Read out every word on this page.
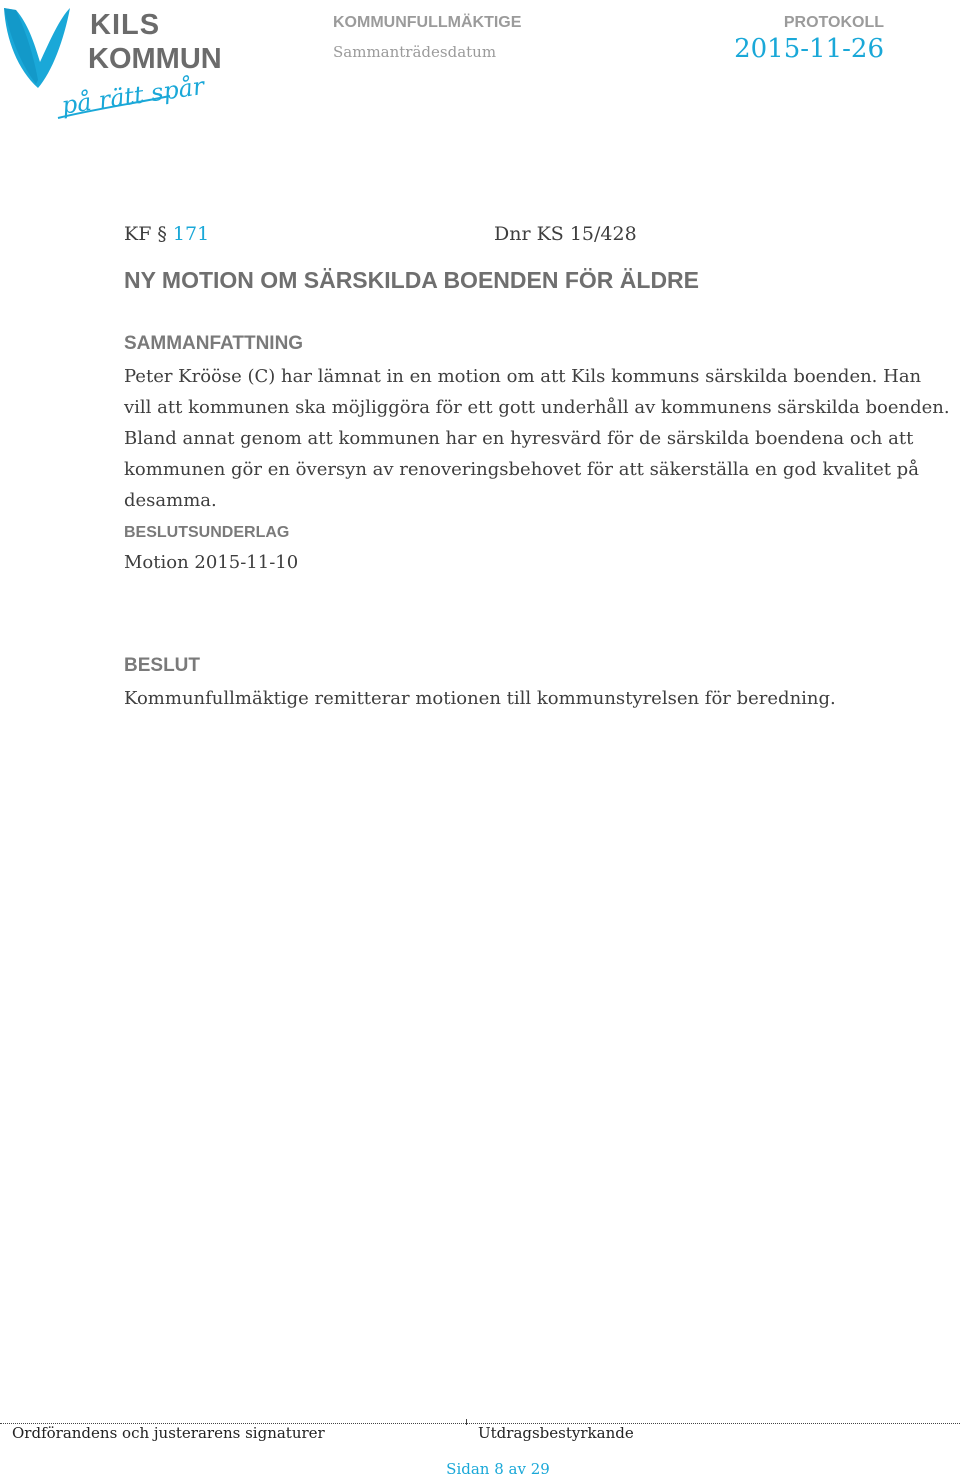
KILS
KOMMUN
på rätt spår
KOMMUNFULLMÄKTIGE
Sammanträdesdatum
PROTOKOLL
2015-11-26
KF § 171	Dnr KS 15/428
NY MOTION OM SÄRSKILDA BOENDEN FÖR ÄLDRE
SAMMANFATTNING
Peter Krööse (C) har lämnat in en motion om att Kils kommuns särskilda boenden. Han vill att kommunen ska möjliggöra för ett gott underhåll av kommunens särskilda boenden. Bland annat genom att kommunen har en hyresvärd för de särskilda boendena och att kommunen gör en översyn av renoveringsbehovet för att säkerställa en god kvalitet på desamma.
BESLUTSUNDERLAG
Motion 2015-11-10
BESLUT
Kommunfullmäktige remitterar motionen till kommunstyrelsen för beredning.
Ordförandens och justerarens signaturer	Utdragsbestyrkande
Sidan 8 av 29
